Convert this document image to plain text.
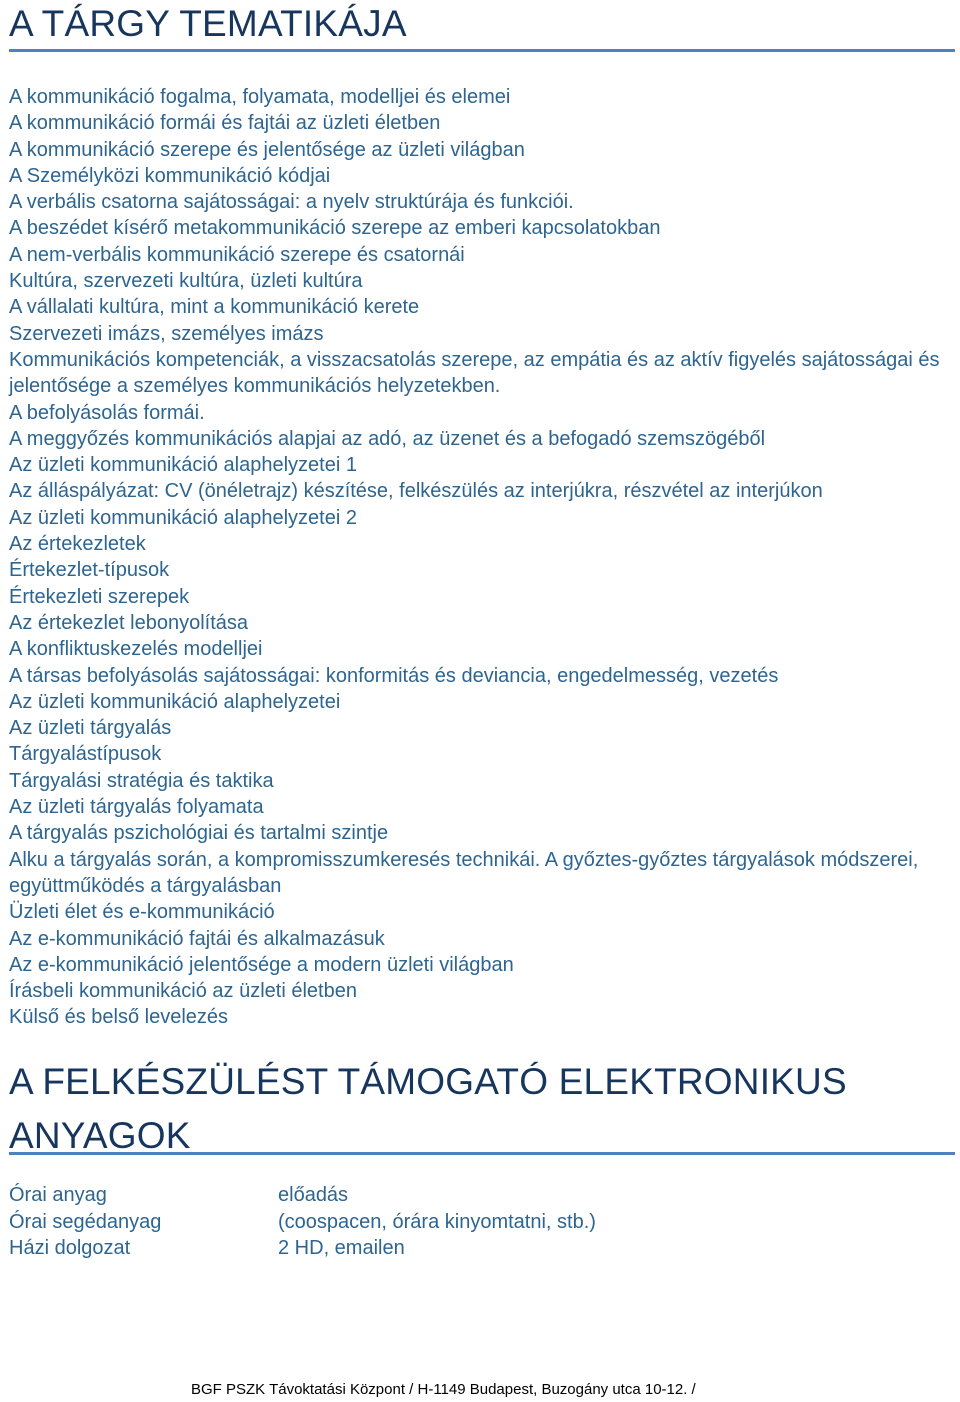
A TÁRGY TEMATIKÁJA
A kommunikáció fogalma, folyamata, modelljei és elemei
A kommunikáció formái és fajtái az üzleti életben
A kommunikáció szerepe és jelentősége az üzleti világban
A Személyközi kommunikáció kódjai
A verbális csatorna sajátosságai: a nyelv struktúrája és funkciói.
A beszédet kísérő metakommunikáció szerepe az emberi kapcsolatokban
A nem-verbális kommunikáció szerepe és csatornái
Kultúra, szervezeti kultúra, üzleti kultúra
A vállalati kultúra, mint a kommunikáció kerete
Szervezeti imázs, személyes imázs
Kommunikációs kompetenciák, a visszacsatolás szerepe, az empátia és az aktív figyelés sajátosságai és jelentősége a személyes kommunikációs helyzetekben.
A befolyásolás formái.
A meggyőzés kommunikációs alapjai az adó, az üzenet és a befogadó szemszögéből
Az üzleti kommunikáció alaphelyzetei 1
Az álláspályázat: CV (önéletrajz) készítése, felkészülés az interjúkra, részvétel az interjúkon
Az üzleti kommunikáció alaphelyzetei 2
Az értekezletek
Értekezlet-típusok
Értekezleti szerepek
Az értekezlet lebonyolítása
A konfliktuskezelés modelljei
A társas befolyásolás sajátosságai: konformitás és deviancia, engedelmesség, vezetés
Az üzleti kommunikáció alaphelyzetei
Az üzleti tárgyalás
Tárgyalástípusok
Tárgyalási stratégia és taktika
Az üzleti tárgyalás folyamata
A tárgyalás pszichológiai és tartalmi szintje
Alku a tárgyalás során, a kompromisszumkeresés technikái. A győztes-győztes tárgyalások módszerei, együttműködés a tárgyalásban
Üzleti élet és e-kommunikáció
Az e-kommunikáció fajtái és alkalmazásuk
Az e-kommunikáció jelentősége a modern üzleti világban
Írásbeli kommunikáció az üzleti életben
Külső és belső levelezés
A FELKÉSZÜLÉST TÁMOGATÓ ELEKTRONIKUS ANYAGOK
Órai anyag	előadás
Órai segédanyag	(coospacen, órára kinyomtatni, stb.)
Házi dolgozat	2 HD, emailen
BGF PSZK Távoktatási Központ / H-1149 Budapest, Buzogány utca 10-12. /
